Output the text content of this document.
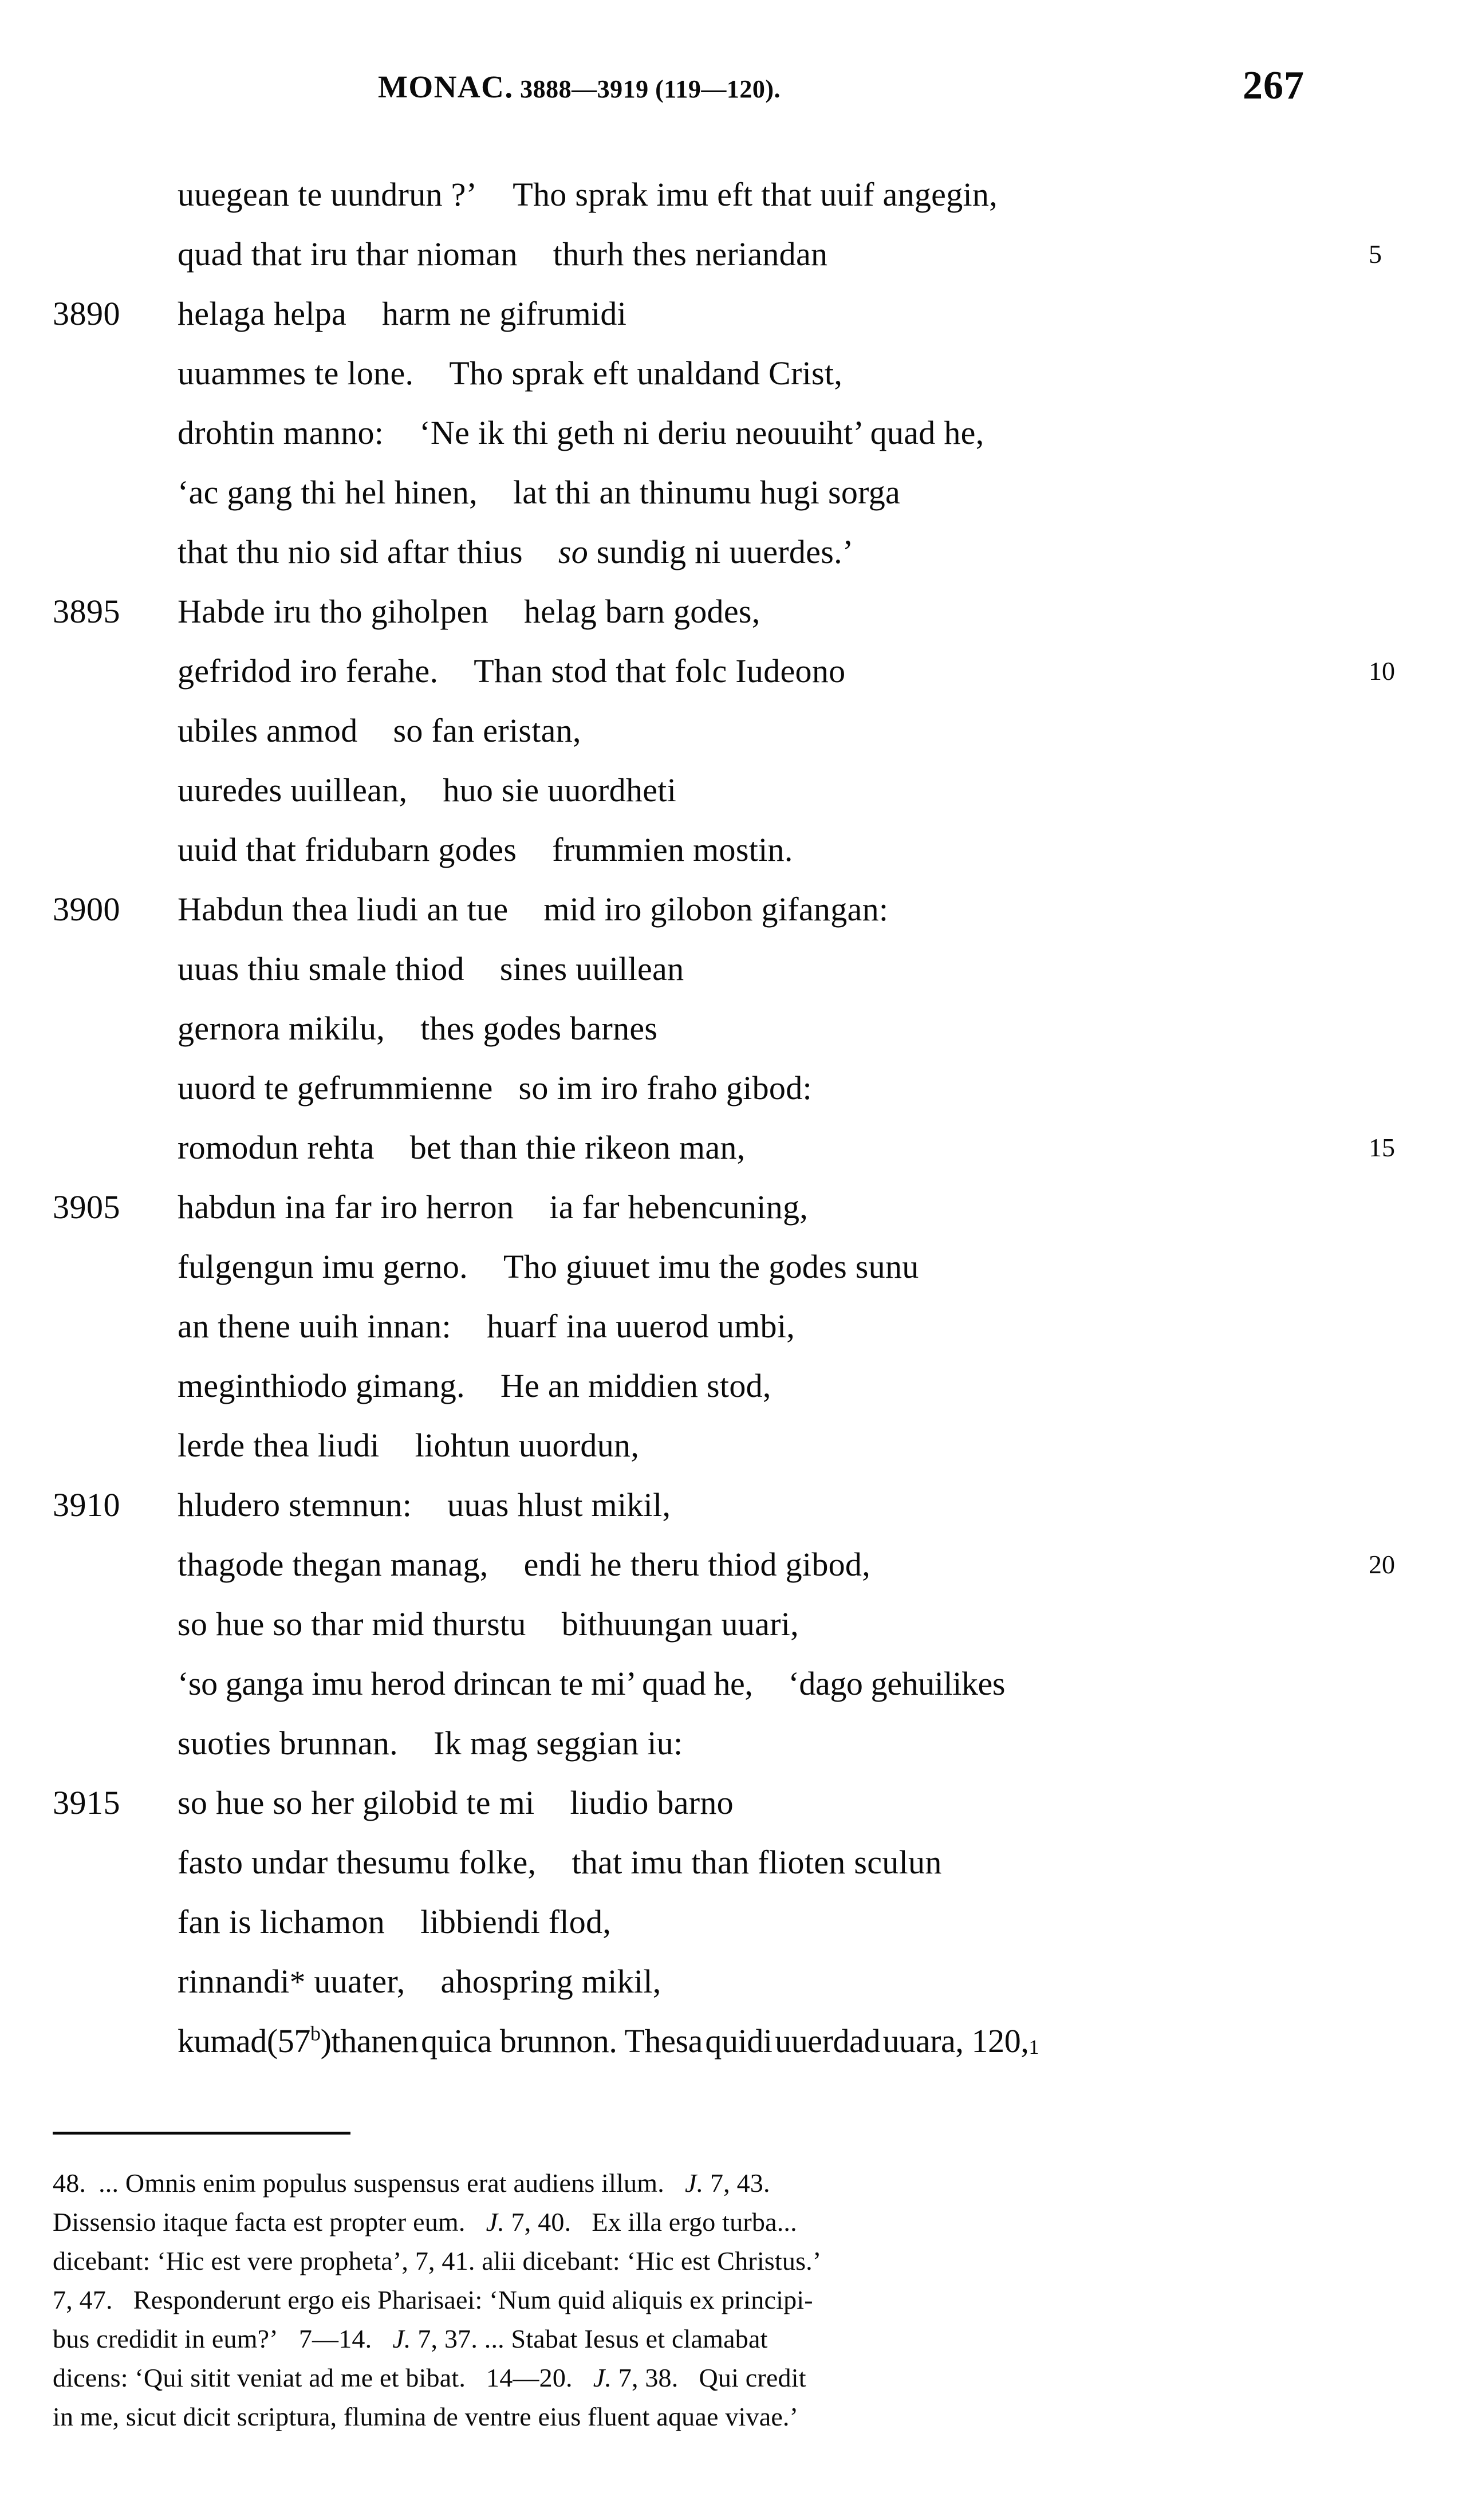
MONAC. 3888—3919 (119—120).	267
uuegean te uundrun ?’ Tho sprak imu eft that uuif angegin,
quad that iru thar nioman thurh thes neriandan	5
3890	helaga helpa harm ne gifrumidi
uuammes te lone. Tho sprak eft unaldand Crist,
drohtin manno: ‘Ne ik thi geth ni deriu neouuiht’ quad he,
‘ac gang thi hel hinen, lat thi an thinumu hugi sorga
that thu nio sid aftar thius so sundig ni uuerdes.’
3895	Habde iru tho giholpen helag barn godes,
gefridod iro ferahe. Than stod that folc Iudeono	10
ubiles anmod so fan eristan,
uuredes uuillean, huo sie uuordheti
uuid that fridubarn godes frummien mostin.
3900	Habdun thea liudi an tue mid iro gilobon gifangan:
uuas thiu smale thiod sines uuillean
gernora mikilu, thes godes barnes
uuord te gefrummienne so im iro fraho gibod:
romodun rehta bet than thie rikeon man,	15
3905	habdun ina far iro herron ia far hebencuning,
fulgengun imu gerno. Tho giuuet imu the godes sunu
an thene uuih innan: huarf ina uuerod umbi,
meginthiodo gimang. He an middien stod,
lerde thea liudi liohtun uuordun,
3910	hludero stemnun: uuas hlust mikil,
thagode thegan manag, endi he theru thiod gibod,	20
so hue so thar mid thurstu bithuungan uuari,
‘so ganga imu herod drincan te mi’ quad he, ‘dago gehuilikes
suoties brunnan. Ik mag seggian iu:
3915	so hue so her gilobid te mi liudio barno
fasto undar thesumu folke, that imu than flioten sculun
fan is lichamon libbiendi flod,
rinnandi* uuater, ahospring mikil,
kumad(57$^b$)thanen quica brunnon. Thesa quidi uuerdad uuara, $120,_1$
48. ... Omnis enim populus suspensus erat audiens illum. J. 7, 43.
Dissensio itaque facta est propter eum. J. 7, 40. Ex illa ergo turba...
dicebant: ‘Hic est vere propheta’, 7, 41. alii dicebant: ‘Hic est Christus.’
7, 47. Responderunt ergo eis Pharisaei: ‘Num quid aliquis ex principi-
bus credidit in eum?’ 7—14. J. 7, 37. ... Stabat Iesus et clamabat
dicens: ‘Qui sitit veniat ad me et bibat. 14—20. J. 7, 38. Qui credit
in me, sicut dicit scriptura, flumina de ventre eius fluent aquae vivae.’
